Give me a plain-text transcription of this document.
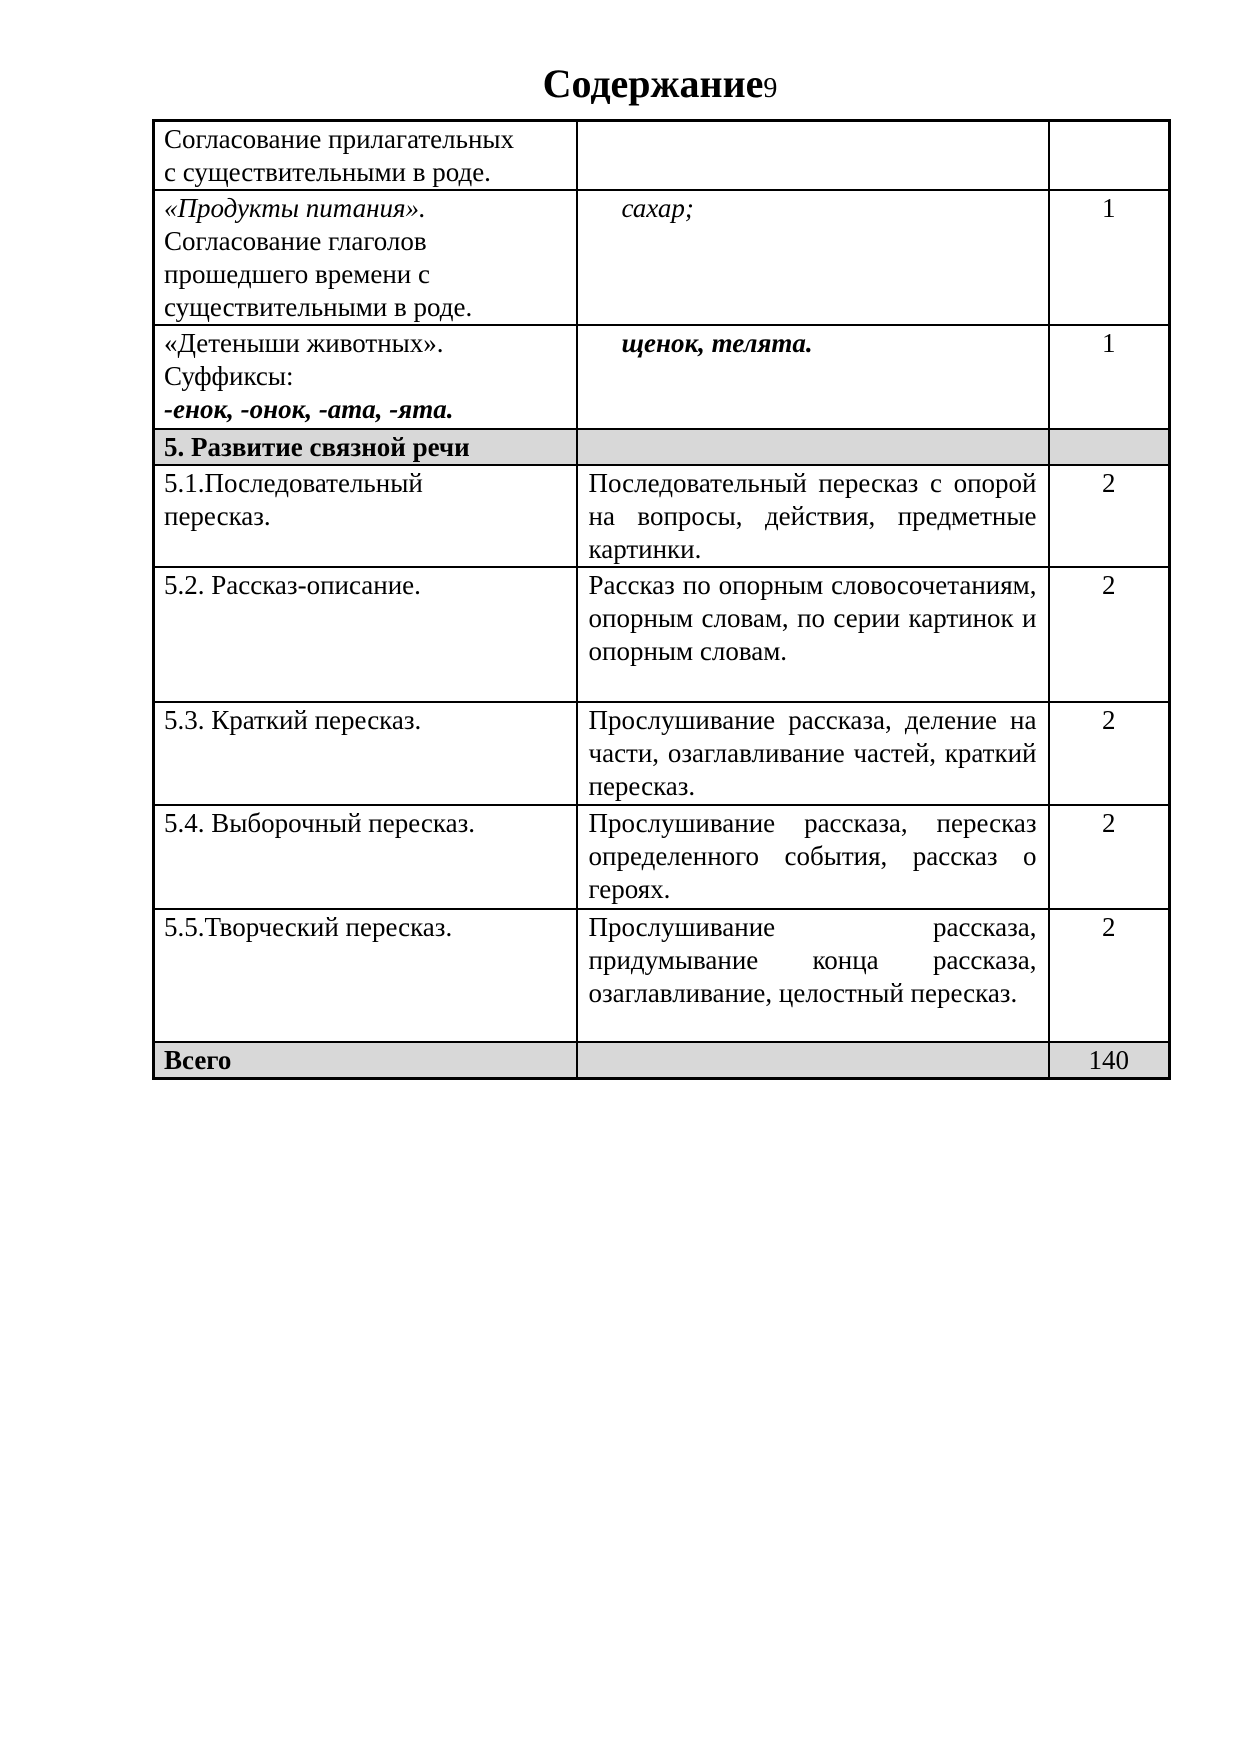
Содержание9
Согласование прилагательных
с существительными в роде.		

«Продукты питания».
Согласование глаголов
прошедшего времени с
существительными в роде.	сахар;	1

«Детеныши животных».
Суффиксы:
-енок, -онок, -ата, -ята.	щенок, телята.	1
5. Развитие связной речи		

5.1.Последовательный
пересказ.	Последовательный пересказ с опорой на вопросы, действия, предметные картинки.	2
5.2. Рассказ-описание.	Рассказ по опорным словосочетаниям, опорным словам, по серии картинок и опорным словам.	2
5.3. Краткий пересказ.	Прослушивание рассказа, деление на части, озаглавливание частей, краткий пересказ.	2
5.4. Выборочный пересказ.	Прослушивание рассказа, пересказ определенного события, рассказ о героях.	2
5.5.Творческий пересказ.	Прослушивание рассказа, придумывание конца рассказа, озаглавливание, целостный пересказ.	2
Всего		140
